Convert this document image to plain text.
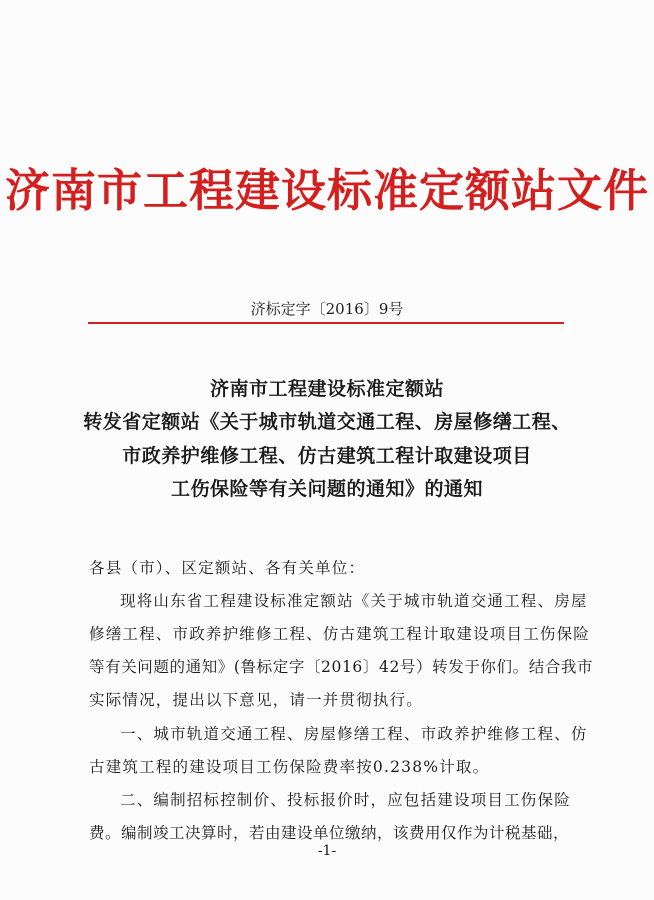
济南市工程建设标准定额站文件
济标定字〔2016〕9号
济南市工程建设标准定额站
转发省定额站《关于城市轨道交通工程、房屋修缮工程、
市政养护维修工程、仿古建筑工程计取建设项目
工伤保险等有关问题的通知》的通知
各县（市）、区定额站、各有关单位：
现将山东省工程建设标准定额站《关于城市轨道交通工程、房屋
修缮工程、市政养护维修工程、仿古建筑工程计取建设项目工伤保险
等有关问题的通知》(鲁标定字〔2016〕42号）转发于你们。结合我市
实际情况，提出以下意见，请一并贯彻执行。
一、城市轨道交通工程、房屋修缮工程、市政养护维修工程、仿
古建筑工程的建设项目工伤保险费率按0.238%计取。
二、编制招标控制价、投标报价时，应包括建设项目工伤保险
费。编制竣工决算时，若由建设单位缴纳，该费用仅作为计税基础，
-1-
